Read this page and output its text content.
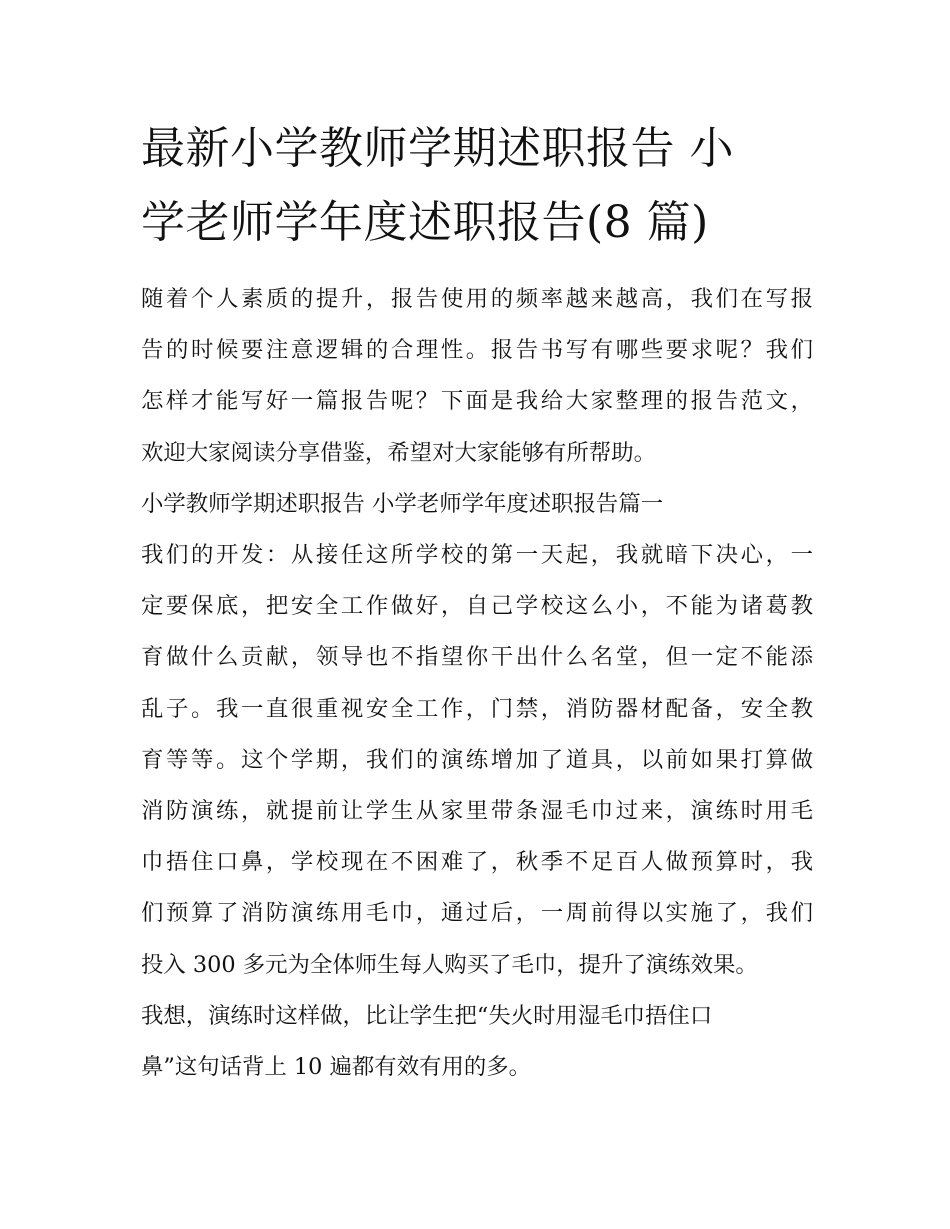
最新小学教师学期述职报告 小
学老师学年度述职报告(8 篇)
随着个人素质的提升，报告使用的频率越来越高，我们在写报
告的时候要注意逻辑的合理性。报告书写有哪些要求呢？我们
怎样才能写好一篇报告呢？下面是我给大家整理的报告范文，
欢迎大家阅读分享借鉴，希望对大家能够有所帮助。
小学教师学期述职报告 小学老师学年度述职报告篇一
我们的开发：从接任这所学校的第一天起，我就暗下决心，一
定要保底，把安全工作做好，自己学校这么小，不能为诸葛教
育做什么贡献，领导也不指望你干出什么名堂，但一定不能添
乱子。我一直很重视安全工作，门禁，消防器材配备，安全教
育等等。这个学期，我们的演练增加了道具，以前如果打算做
消防演练，就提前让学生从家里带条湿毛巾过来，演练时用毛
巾捂住口鼻，学校现在不困难了，秋季不足百人做预算时，我
们预算了消防演练用毛巾，通过后，一周前得以实施了，我们
投入 300 多元为全体师生每人购买了毛巾，提升了演练效果。
我想，演练时这样做，比让学生把“失火时用湿毛巾捂住口
鼻”这句话背上 10 遍都有效有用的多。
